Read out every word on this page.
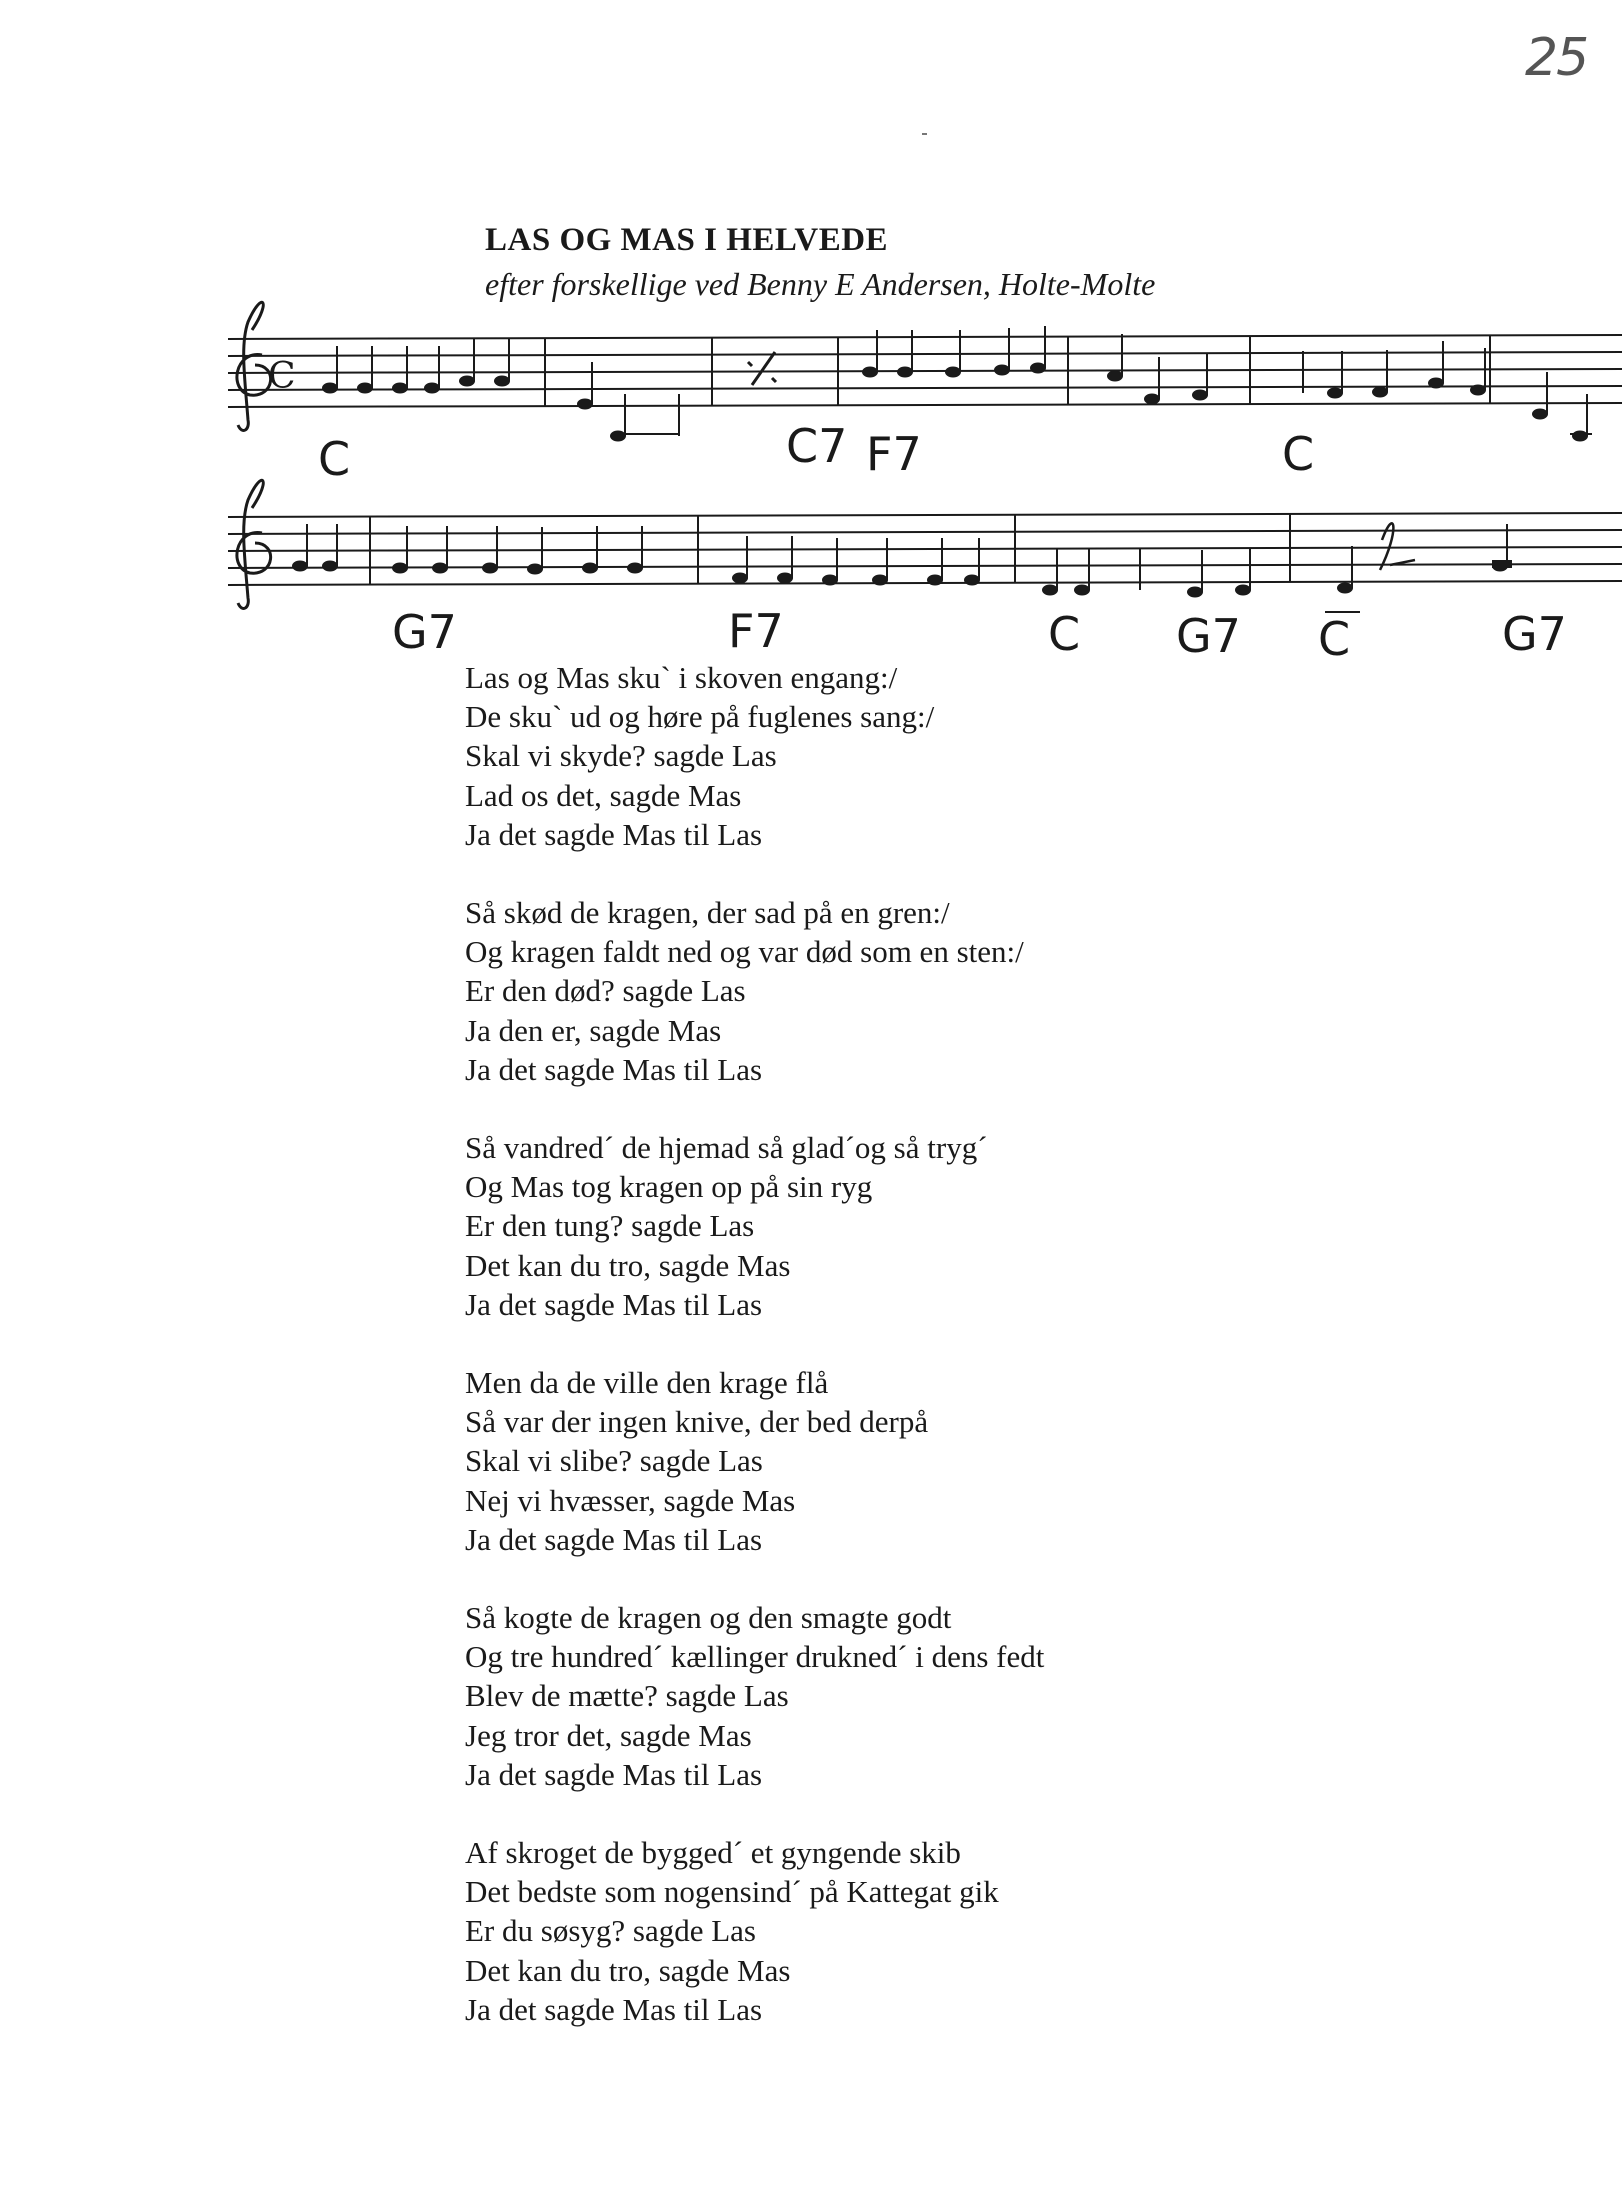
25
LAS OG MAS I HELVEDE
efter forskellige ved Benny E Andersen, Holte-Molte
C
C	C7 F7	C
G7	F7	C G7 C	G7
Las og Mas sku` i skoven engang:/
De sku` ud og høre på fuglenes sang:/
Skal vi skyde? sagde Las
Lad os det, sagde Mas
Ja det sagde Mas til Las
Så skød de kragen, der sad på en gren:/
Og kragen faldt ned og var død som en sten:/
Er den død? sagde Las
Ja den er, sagde Mas
Ja det sagde Mas til Las
Så vandred´ de hjemad så glad´og så tryg´
Og Mas tog kragen op på sin ryg
Er den tung? sagde Las
Det kan du tro, sagde Mas
Ja det sagde Mas til Las
Men da de ville den krage flå
Så var der ingen knive, der bed derpå
Skal vi slibe? sagde Las
Nej vi hvæsser, sagde Mas
Ja det sagde Mas til Las
Så kogte de kragen og den smagte godt
Og tre hundred´ kællinger drukned´ i dens fedt
Blev de mætte? sagde Las
Jeg tror det, sagde Mas
Ja det sagde Mas til Las
Af skroget de bygged´ et gyngende skib
Det bedste som nogensind´ på Kattegat gik
Er du søsyg? sagde Las
Det kan du tro, sagde Mas
Ja det sagde Mas til Las
